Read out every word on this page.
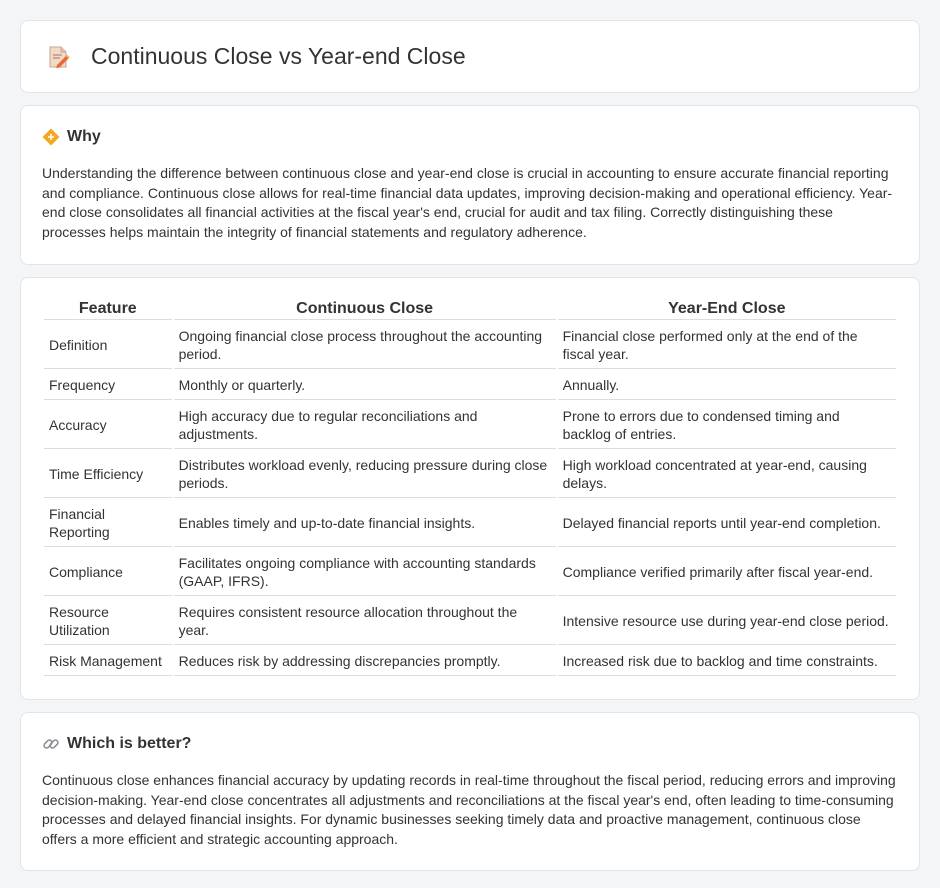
Continuous Close vs Year-end Close
Why

Understanding the difference between continuous close and year-end close is crucial in accounting to ensure accurate financial reporting and compliance. Continuous close allows for real-time financial data updates, improving decision-making and operational efficiency. Year-end close consolidates all financial activities at the fiscal year's end, crucial for audit and tax filing. Correctly distinguishing these processes helps maintain the integrity of financial statements and regulatory adherence.

Feature	Continuous Close	Year-End Close
Definition	Ongoing financial close process throughout the accounting period.	Financial close performed only at the end of the fiscal year.
Frequency	Monthly or quarterly.	Annually.
Accuracy	High accuracy due to regular reconciliations and adjustments.	Prone to errors due to condensed timing and backlog of entries.
Time Efficiency	Distributes workload evenly, reducing pressure during close periods.	High workload concentrated at year-end, causing delays.
Financial Reporting	Enables timely and up-to-date financial insights.	Delayed financial reports until year-end completion.
Compliance	Facilitates ongoing compliance with accounting standards (GAAP, IFRS).	Compliance verified primarily after fiscal year-end.
Resource Utilization	Requires consistent resource allocation throughout the year.	Intensive resource use during year-end close period.
Risk Management	Reduces risk by addressing discrepancies promptly.	Increased risk due to backlog and time constraints.
Which is better?

Continuous close enhances financial accuracy by updating records in real-time throughout the fiscal period, reducing errors and improving decision-making. Year-end close concentrates all adjustments and reconciliations at the fiscal year's end, often leading to time-consuming processes and delayed financial insights. For dynamic businesses seeking timely data and proactive management, continuous close offers a more efficient and strategic accounting approach.
